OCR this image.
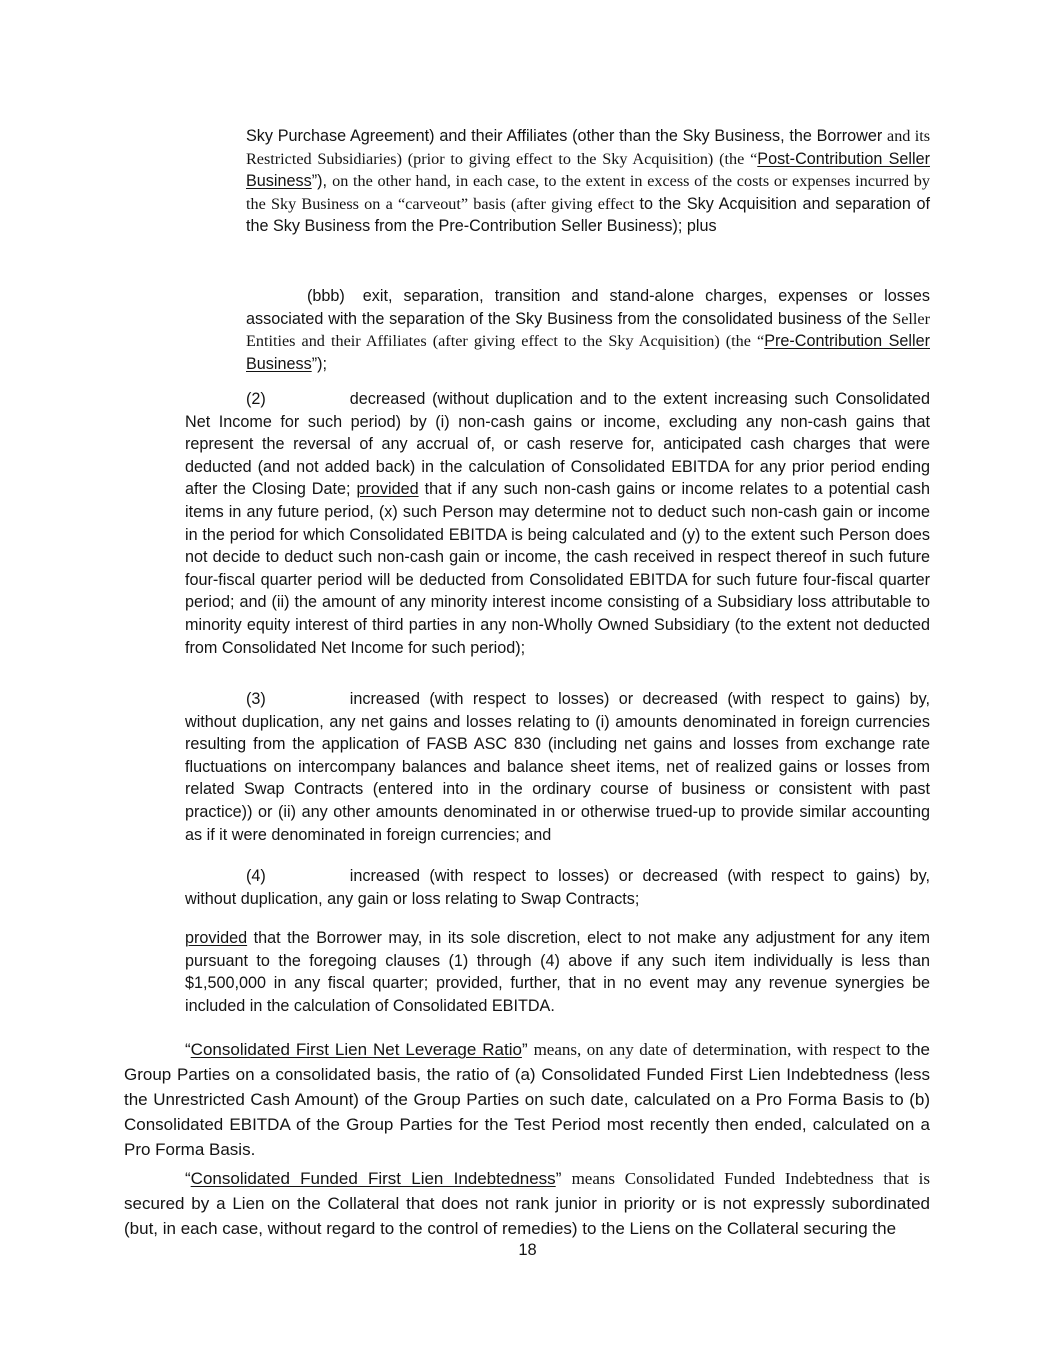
Sky Purchase Agreement) and their Affiliates (other than the Sky Business, the Borrower and its Restricted Subsidiaries) (prior to giving effect to the Sky Acquisition) (the “Post-Contribution Seller Business”), on the other hand, in each case, to the extent in excess of the costs or expenses incurred by the Sky Business on a “carveout” basis (after giving effect to the Sky Acquisition and separation of the Sky Business from the Pre-Contribution Seller Business); plus

(bbb) exit, separation, transition and stand-alone charges, expenses or losses associated with the separation of the Sky Business from the consolidated business of the Seller Entities and their Affiliates (after giving effect to the Sky Acquisition) (the “Pre-Contribution Seller Business”);

(2)	decreased (without duplication and to the extent increasing such Consolidated Net Income for such period) by (i) non-cash gains or income, excluding any non-cash gains that represent the reversal of any accrual of, or cash reserve for, anticipated cash charges that were deducted (and not added back) in the calculation of Consolidated EBITDA for any prior period ending after the Closing Date; provided that if any such non-cash gains or income relates to a potential cash items in any future period, (x) such Person may determine not to deduct such non-cash gain or income in the period for which Consolidated EBITDA is being calculated and (y) to the extent such Person does not decide to deduct such non-cash gain or income, the cash received in respect thereof in such future four-fiscal quarter period will be deducted from Consolidated EBITDA for such future four-fiscal quarter period; and (ii) the amount of any minority interest income consisting of a Subsidiary loss attributable to minority equity interest of third parties in any non-Wholly Owned Subsidiary (to the extent not deducted from Consolidated Net Income for such period);

(3)	increased (with respect to losses) or decreased (with respect to gains) by, without duplication, any net gains and losses relating to (i) amounts denominated in foreign currencies resulting from the application of FASB ASC 830 (including net gains and losses from exchange rate fluctuations on intercompany balances and balance sheet items, net of realized gains or losses from related Swap Contracts (entered into in the ordinary course of business or consistent with past practice)) or (ii) any other amounts denominated in or otherwise trued-up to provide similar accounting as if it were denominated in foreign currencies; and

(4)	increased (with respect to losses) or decreased (with respect to gains) by, without duplication, any gain or loss relating to Swap Contracts;

provided that the Borrower may, in its sole discretion, elect to not make any adjustment for any item pursuant to the foregoing clauses (1) through (4) above if any such item individually is less than $1,500,000 in any fiscal quarter; provided, further, that in no event may any revenue synergies be included in the calculation of Consolidated EBITDA.

“Consolidated First Lien Net Leverage Ratio” means, on any date of determination, with respect to the Group Parties on a consolidated basis, the ratio of (a) Consolidated Funded First Lien Indebtedness (less the Unrestricted Cash Amount) of the Group Parties on such date, calculated on a Pro Forma Basis to (b) Consolidated EBITDA of the Group Parties for the Test Period most recently then ended, calculated on a Pro Forma Basis.

“Consolidated Funded First Lien Indebtedness” means Consolidated Funded Indebtedness that is secured by a Lien on the Collateral that does not rank junior in priority or is not expressly subordinated (but, in each case, without regard to the control of remedies) to the Liens on the Collateral securing the

18
